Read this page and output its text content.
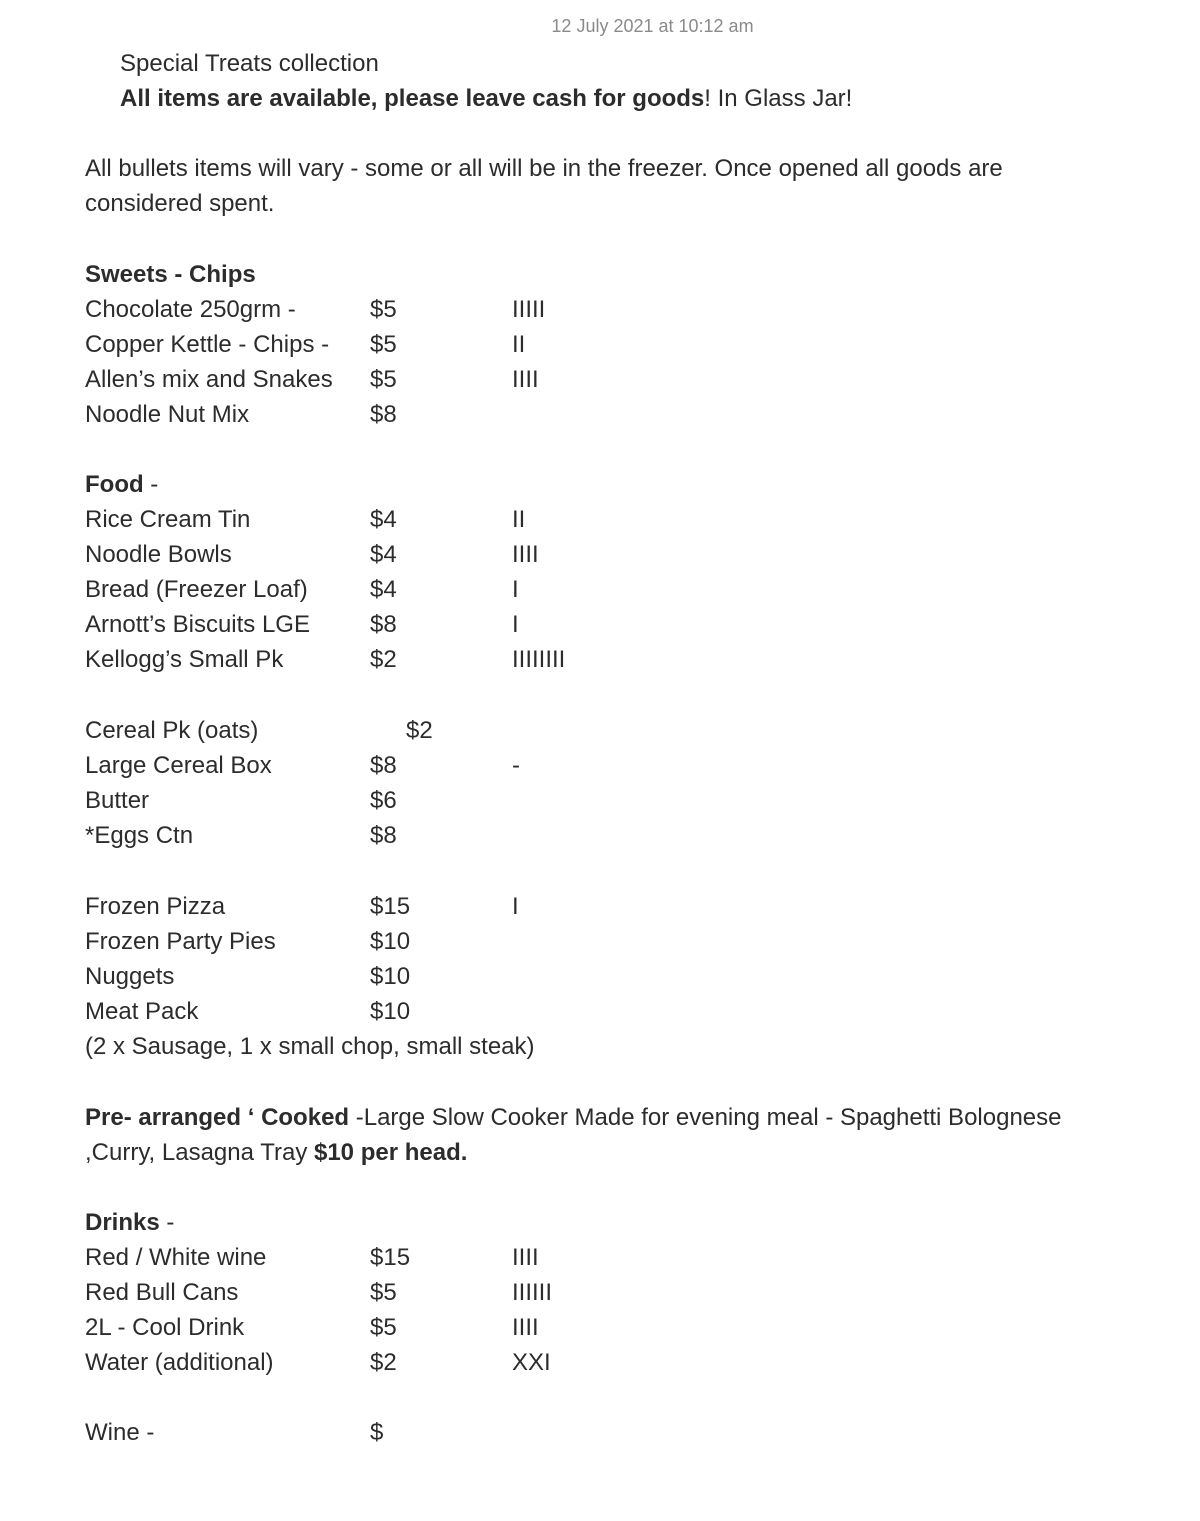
12 July 2021 at 10:12 am
Special Treats collection
All items are available, please leave cash for goods! In Glass Jar!
All bullets items will vary - some or all will be in the freezer. Once opened all goods are considered spent.
Sweets - Chips
Chocolate 250grm -	$5	IIIII
Copper Kettle - Chips - $5	II
Allen’s mix and Snakes $5	IIII
Noodle Nut Mix	$8
Food -
Rice Cream Tin	$4	II
Noodle Bowls	$4	IIII
Bread (Freezer Loaf)	$4	I
Arnott’s Biscuits LGE	$8	I
Kellogg’s Small Pk	$2	IIIIIIII
Cereal Pk (oats)	$2
Large Cereal Box	$8	-
Butter	$6
*Eggs Ctn	$8
Frozen Pizza	$15	I
Frozen Party Pies	$10
Nuggets	$10
Meat Pack	$10
(2 x Sausage, 1 x small chop, small steak)
Pre- arranged ‘ Cooked -Large Slow Cooker Made for evening meal - Spaghetti Bolognese ,Curry, Lasagna Tray $10 per head.
Drinks -
Red / White wine	$15	IIII
Red Bull Cans	$5	IIIIII
2L - Cool Drink	$5	IIII
Water (additional)	$2	XXI
Wine -	$
